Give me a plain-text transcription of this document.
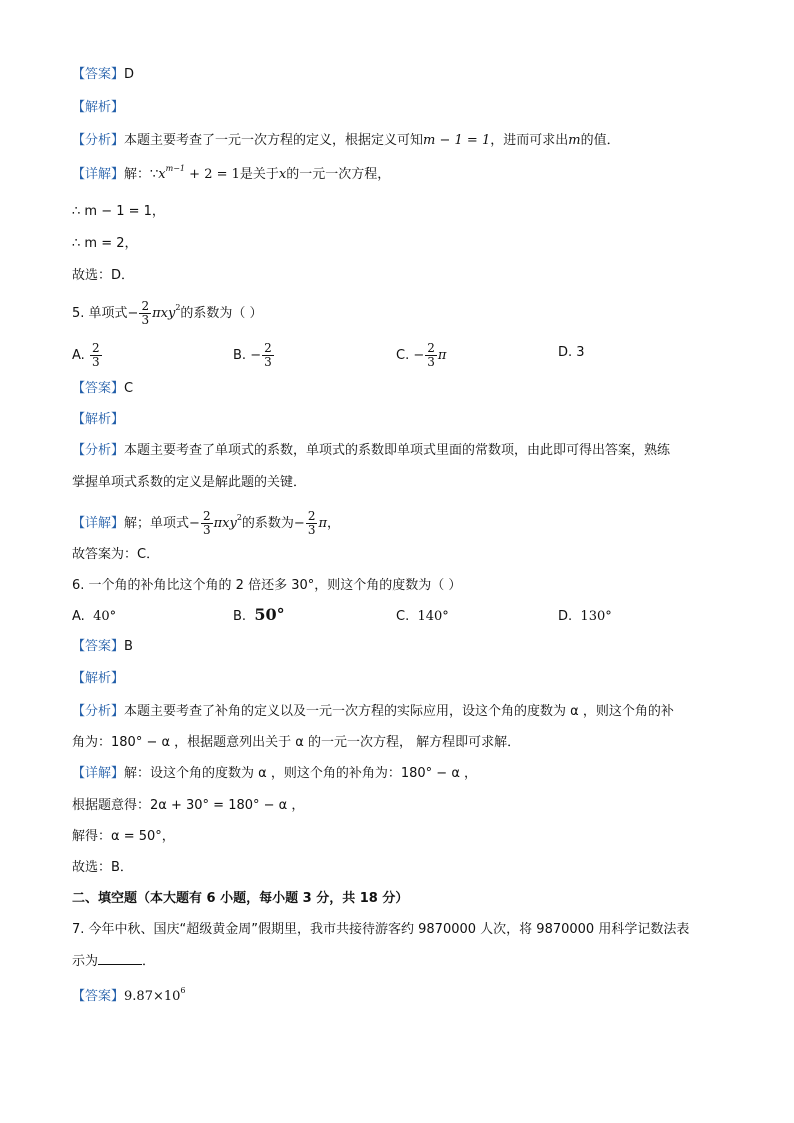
【答案】D
【解析】
【分析】本题主要考查了一元一次方程的定义，根据定义可知m − 1 = 1，进而可求出m的值．
【详解】解：$\because x^{m-1} + 2 = 1$是关于x的一元一次方程，
∴ m − 1 = 1，
∴ m = 2，
故选：D．
5. 单项式− $\frac{2}{3} \pi xy^2$的系数为（ ）
A. $\frac{2}{3}$	B. − $\frac{2}{3}$	C. − $\frac{2}{3}$ π	D. 3
【答案】C
【解析】
【分析】本题主要考查了单项式的系数，单项式的系数即单项式里面的常数项，由此即可得出答案，熟练
掌握单项式系数的定义是解此题的关键．
【详解】解；单项式− $\frac{2}{3} \pi xy^2$的系数为− $\frac{2}{3}$ π，
故答案为：C．
6. 一个角的补角比这个角的 2 倍还多 30°，则这个角的度数为（ ）
A. 40°	B. 50°	C. 140°	D. 130°
【答案】B
【解析】
【分析】本题主要考查了补角的定义以及一元一次方程的实际应用，设这个角的度数为 α ，则这个角的补
角为：180° − α ，根据题意列出关于 α 的一元一次方程， 解方程即可求解．
【详解】解：设这个角的度数为 α ，则这个角的补角为：180° − α ，
根据题意得：2α + 30° = 180° − α ，
解得：α = 50°，
故选：B．
二、填空题（本大题有 6 小题，每小题 3 分，共 18 分）
7. 今年中秋、国庆“超级黄金周”假期里，我市共接待游客约 9870000 人次，将 9870000 用科学记数法表
示为	．
【答案】$9.87\times 10^6$
